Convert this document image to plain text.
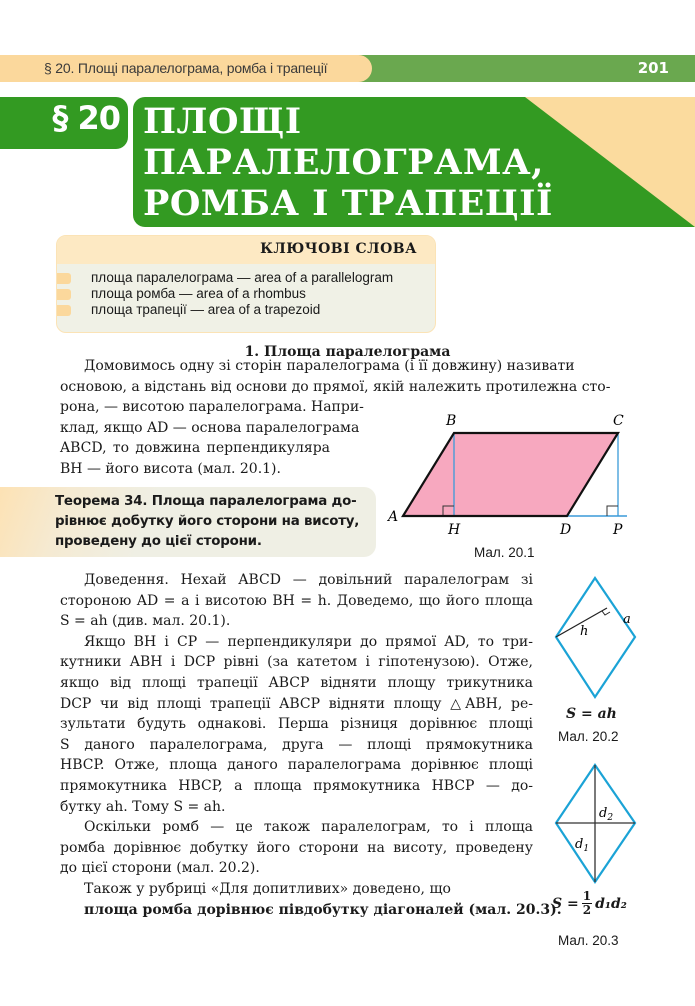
§ 20. Площі паралелограма, ромба і трапеції	201
§ 20 ПЛОЩІ
ПАРАЛЕЛОГРАМА,
РОМБА І ТРАПЕЦІЇ
КЛЮЧОВІ СЛОВА
площа паралелограма — area of a parallelogram
площа ромба — area of a rhombus
площа трапеції — area of a trapezoid
1. Площа паралелограма
Домовимось одну зі сторін паралелограма (і її довжину) називати
основою, а відстань від основи до прямої, якій належить протилежна сто-
рона, — висотою паралелограма. Напри-
клад, якщо AD — основа паралелограма
ABCD, то довжина перпендикуляра
BH — його висота (мал. 20.1).
Теорема 34. Площа паралелограма до-
рівнює добутку його сторони на висоту,
проведену до цієї сторони.
B	C
A
H	D	P
Мал. 20.1
Доведення. Нехай ABCD — довільний паралелограм зі
стороною AD = a і висотою BH = h. Доведемо, що його площа
S = ah (див. мал. 20.1).
Якщо BH і CP — перпендикуляри до прямої AD, то три-
кутники ABH і DCP рівні (за катетом і гіпотенузою). Отже,
якщо від площі трапеції ABCP відняти площу трикутника
DCP чи від площі трапеції ABCP відняти площу △ABH, ре-
зультати будуть однакові. Перша різниця дорівнює площі
S даного паралелограма, друга — площі прямокутника
HBCP. Отже, площа даного паралелограма дорівнює площі
прямокутника HBCP, а площа прямокутника HBCP — до-
бутку ah. Тому S = ah.
Оскільки ромб — це також паралелограм, то і площа
ромба дорівнює добутку його сторони на висоту, проведену
до цієї сторони (мал. 20.2).
Також у рубриці «Для допитливих» доведено, що
площа ромба дорівнює півдобутку діагоналей (мал. 20.3).
h
a
S = ah
Мал. 20.2
$d_2$
$d_1$
$S = \frac{1}{2} d_1d_2$
Мал. 20.3
